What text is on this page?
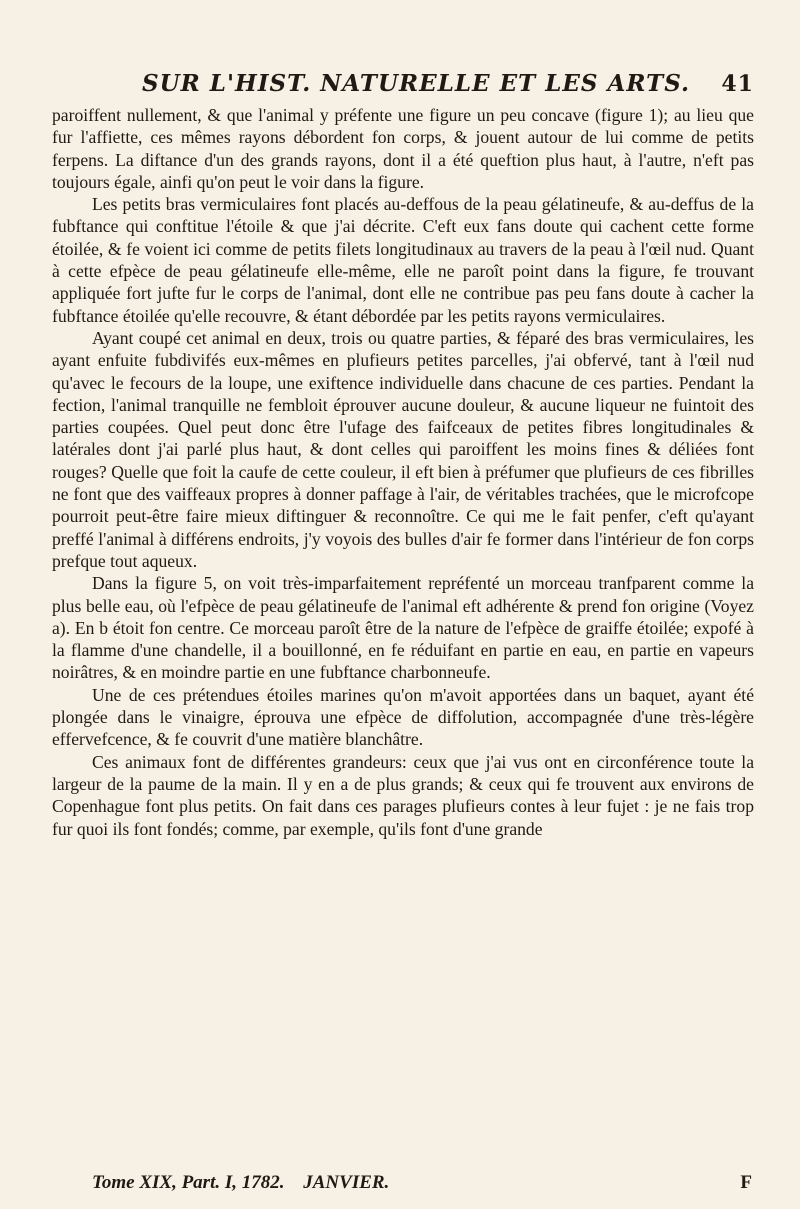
SUR L'HIST. NATURELLE ET LES ARTS. 41

paroiffent nullement, & que l'animal y préfente une figure un peu concave (figure 1); au lieu que fur l'affiette, ces mêmes rayons débordent fon corps, & jouent autour de lui comme de petits ferpens. La diftance d'un des grands rayons, dont il a été queftion plus haut, à l'autre, n'eft pas toujours égale, ainfi qu'on peut le voir dans la figure.

Les petits bras vermiculaires font placés au-deffous de la peau gélatineufe, & au-deffus de la fubftance qui conftitue l'étoile & que j'ai décrite. C'eft eux fans doute qui cachent cette forme étoilée, & fe voient ici comme de petits filets longitudinaux au travers de la peau à l'œil nud. Quant à cette efpèce de peau gélatineufe elle-même, elle ne paroît point dans la figure, fe trouvant appliquée fort jufte fur le corps de l'animal, dont elle ne contribue pas peu fans doute à cacher la fubftance étoilée qu'elle recouvre, & étant débordée par les petits rayons vermiculaires.

Ayant coupé cet animal en deux, trois ou quatre parties, & féparé des bras vermiculaires, les ayant enfuite fubdivifés eux-mêmes en plufieurs petites parcelles, j'ai obfervé, tant à l'œil nud qu'avec le fecours de la loupe, une exiftence individuelle dans chacune de ces parties. Pendant la fection, l'animal tranquille ne fembloit éprouver aucune douleur, & aucune liqueur ne fuintoit des parties coupées. Quel peut donc être l'ufage des faifceaux de petites fibres longitudinales & latérales dont j'ai parlé plus haut, & dont celles qui paroiffent les moins fines & déliées font rouges? Quelle que foit la caufe de cette couleur, il eft bien à préfumer que plufieurs de ces fibrilles ne font que des vaiffeaux propres à donner paffage à l'air, de véritables trachées, que le microfcope pourroit peut-être faire mieux diftinguer & reconnoître. Ce qui me le fait penfer, c'eft qu'ayant preffé l'animal à différens endroits, j'y voyois des bulles d'air fe former dans l'intérieur de fon corps prefque tout aqueux.

Dans la figure 5, on voit très-imparfaitement repréfenté un morceau tranfparent comme la plus belle eau, où l'efpèce de peau gélatineufe de l'animal eft adhérente & prend fon origine (Voyez a). En b étoit fon centre. Ce morceau paroît être de la nature de l'efpèce de graiffe étoilée; expofé à la flamme d'une chandelle, il a bouillonné, en fe réduifant en partie en eau, en partie en vapeurs noirâtres, & en moindre partie en une fubftance charbonneufe.

Une de ces prétendues étoiles marines qu'on m'avoit apportées dans un baquet, ayant été plongée dans le vinaigre, éprouva une efpèce de diffolution, accompagnée d'une très-légère effervefcence, & fe couvrit d'une matière blanchâtre.

Ces animaux font de différentes grandeurs: ceux que j'ai vus ont en circonférence toute la largeur de la paume de la main. Il y en a de plus grands; & ceux qui fe trouvent aux environs de Copenhague font plus petits. On fait dans ces parages plufieurs contes à leur fujet : je ne fais trop fur quoi ils font fondés; comme, par exemple, qu'ils font d'une grande

Tome XIX, Part. I, 1782. JANVIER.	F
